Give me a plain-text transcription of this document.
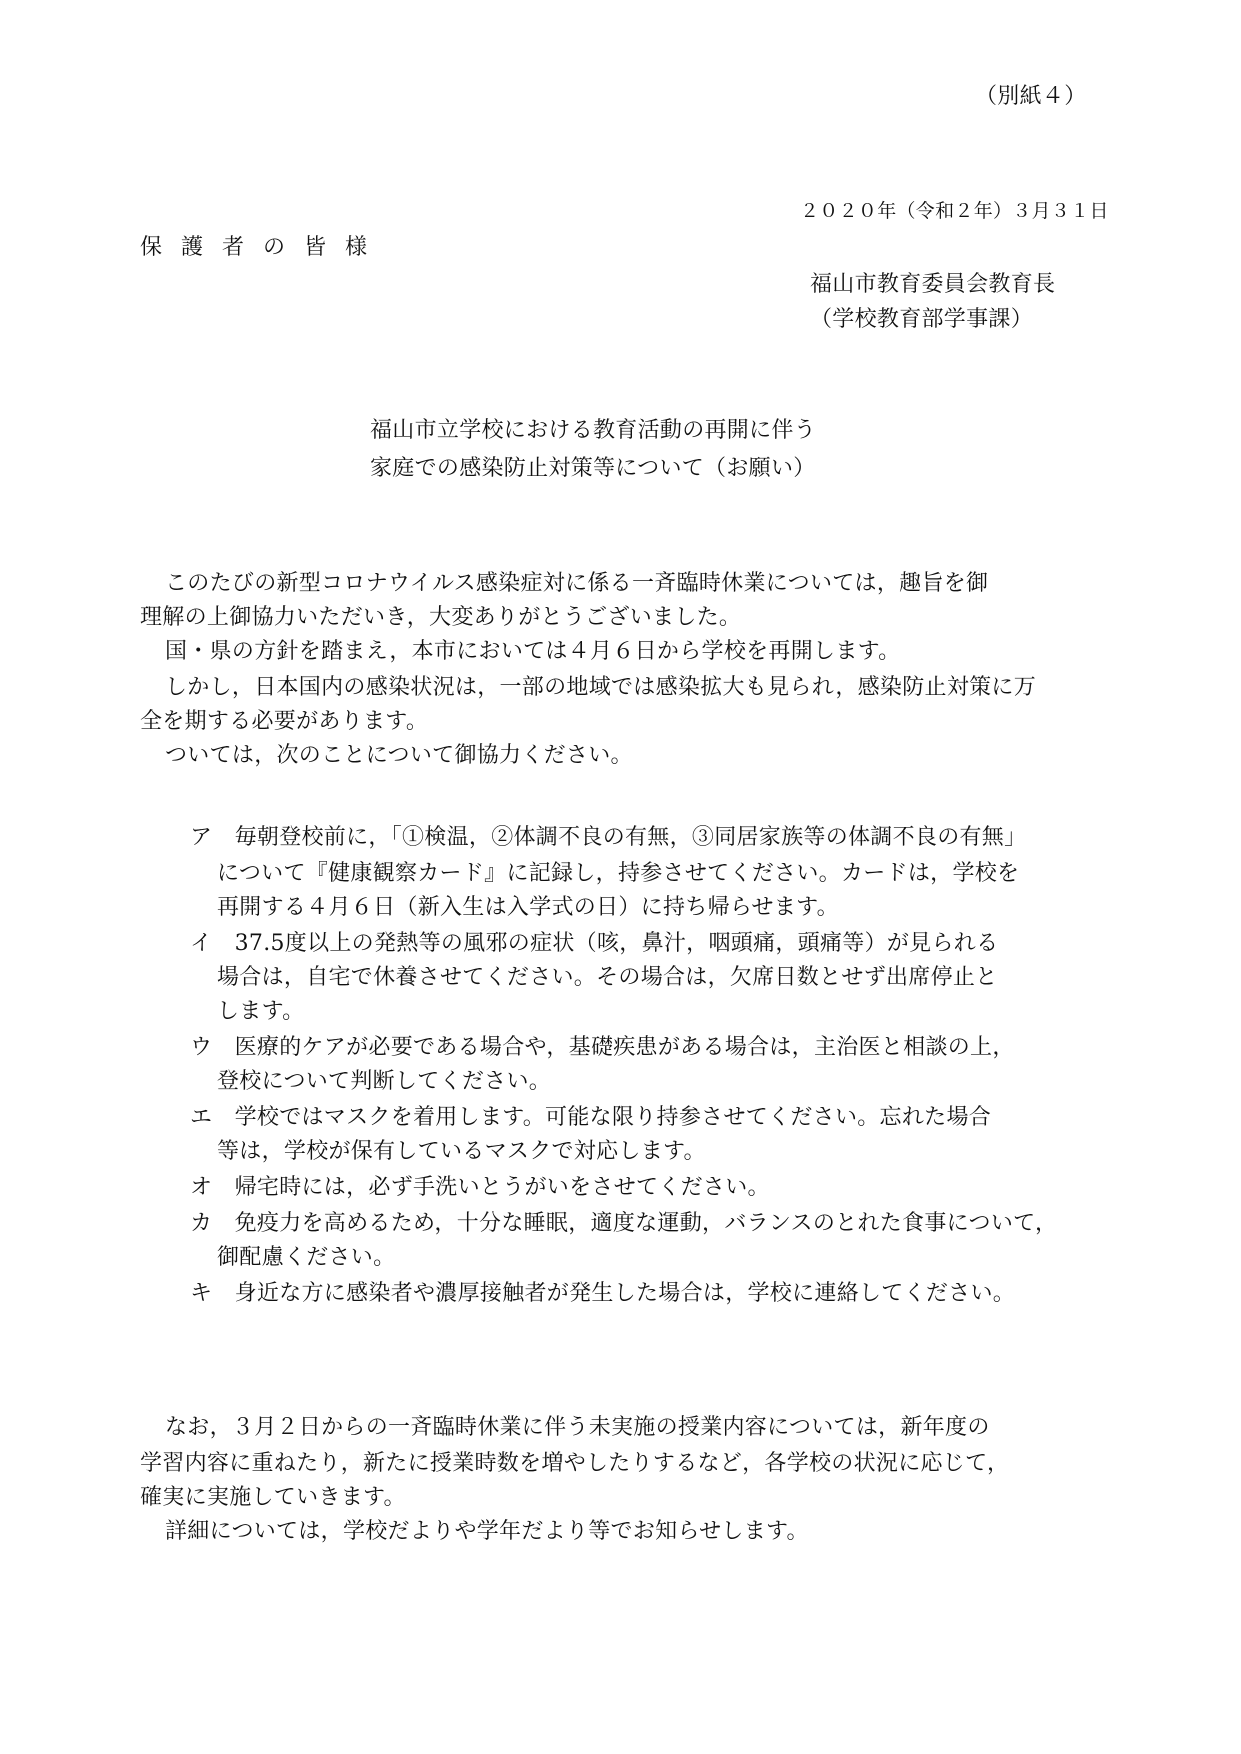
（別紙４）
２０２０年（令和２年）３月３１日
保 護 者 の 皆 様
福山市教育委員会教育長
（学校教育部学事課）
福山市立学校における教育活動の再開に伴う
家庭での感染防止対策等について（お願い）
このたびの新型コロナウイルス感染症対に係る一斉臨時休業については，趣旨を御
理解の上御協力いただいき，大変ありがとうございました。
国・県の方針を踏まえ，本市においては４月６日から学校を再開します。
しかし，日本国内の感染状況は，一部の地域では感染拡大も見られ，感染防止対策に万
全を期する必要があります。
ついては，次のことについて御協力ください。
ア　毎朝登校前に，「①検温，②体調不良の有無，③同居家族等の体調不良の有無」
について『健康観察カード』に記録し，持参させてください。カードは，学校を
再開する４月６日（新入生は入学式の日）に持ち帰らせます。
イ　37.5度以上の発熱等の風邪の症状（咳，鼻汁，咽頭痛，頭痛等）が見られる
場合は，自宅で休養させてください。その場合は，欠席日数とせず出席停止と
します。
ウ　医療的ケアが必要である場合や，基礎疾患がある場合は，主治医と相談の上，
登校について判断してください。
エ　学校ではマスクを着用します。可能な限り持参させてください。忘れた場合
等は，学校が保有しているマスクで対応します。
オ　帰宅時には，必ず手洗いとうがいをさせてください。
カ　免疫力を高めるため，十分な睡眠，適度な運動，バランスのとれた食事について，
御配慮ください。
キ　身近な方に感染者や濃厚接触者が発生した場合は，学校に連絡してください。
なお，３月２日からの一斉臨時休業に伴う未実施の授業内容については，新年度の
学習内容に重ねたり，新たに授業時数を増やしたりするなど，各学校の状況に応じて，
確実に実施していきます。
詳細については，学校だよりや学年だより等でお知らせします。
